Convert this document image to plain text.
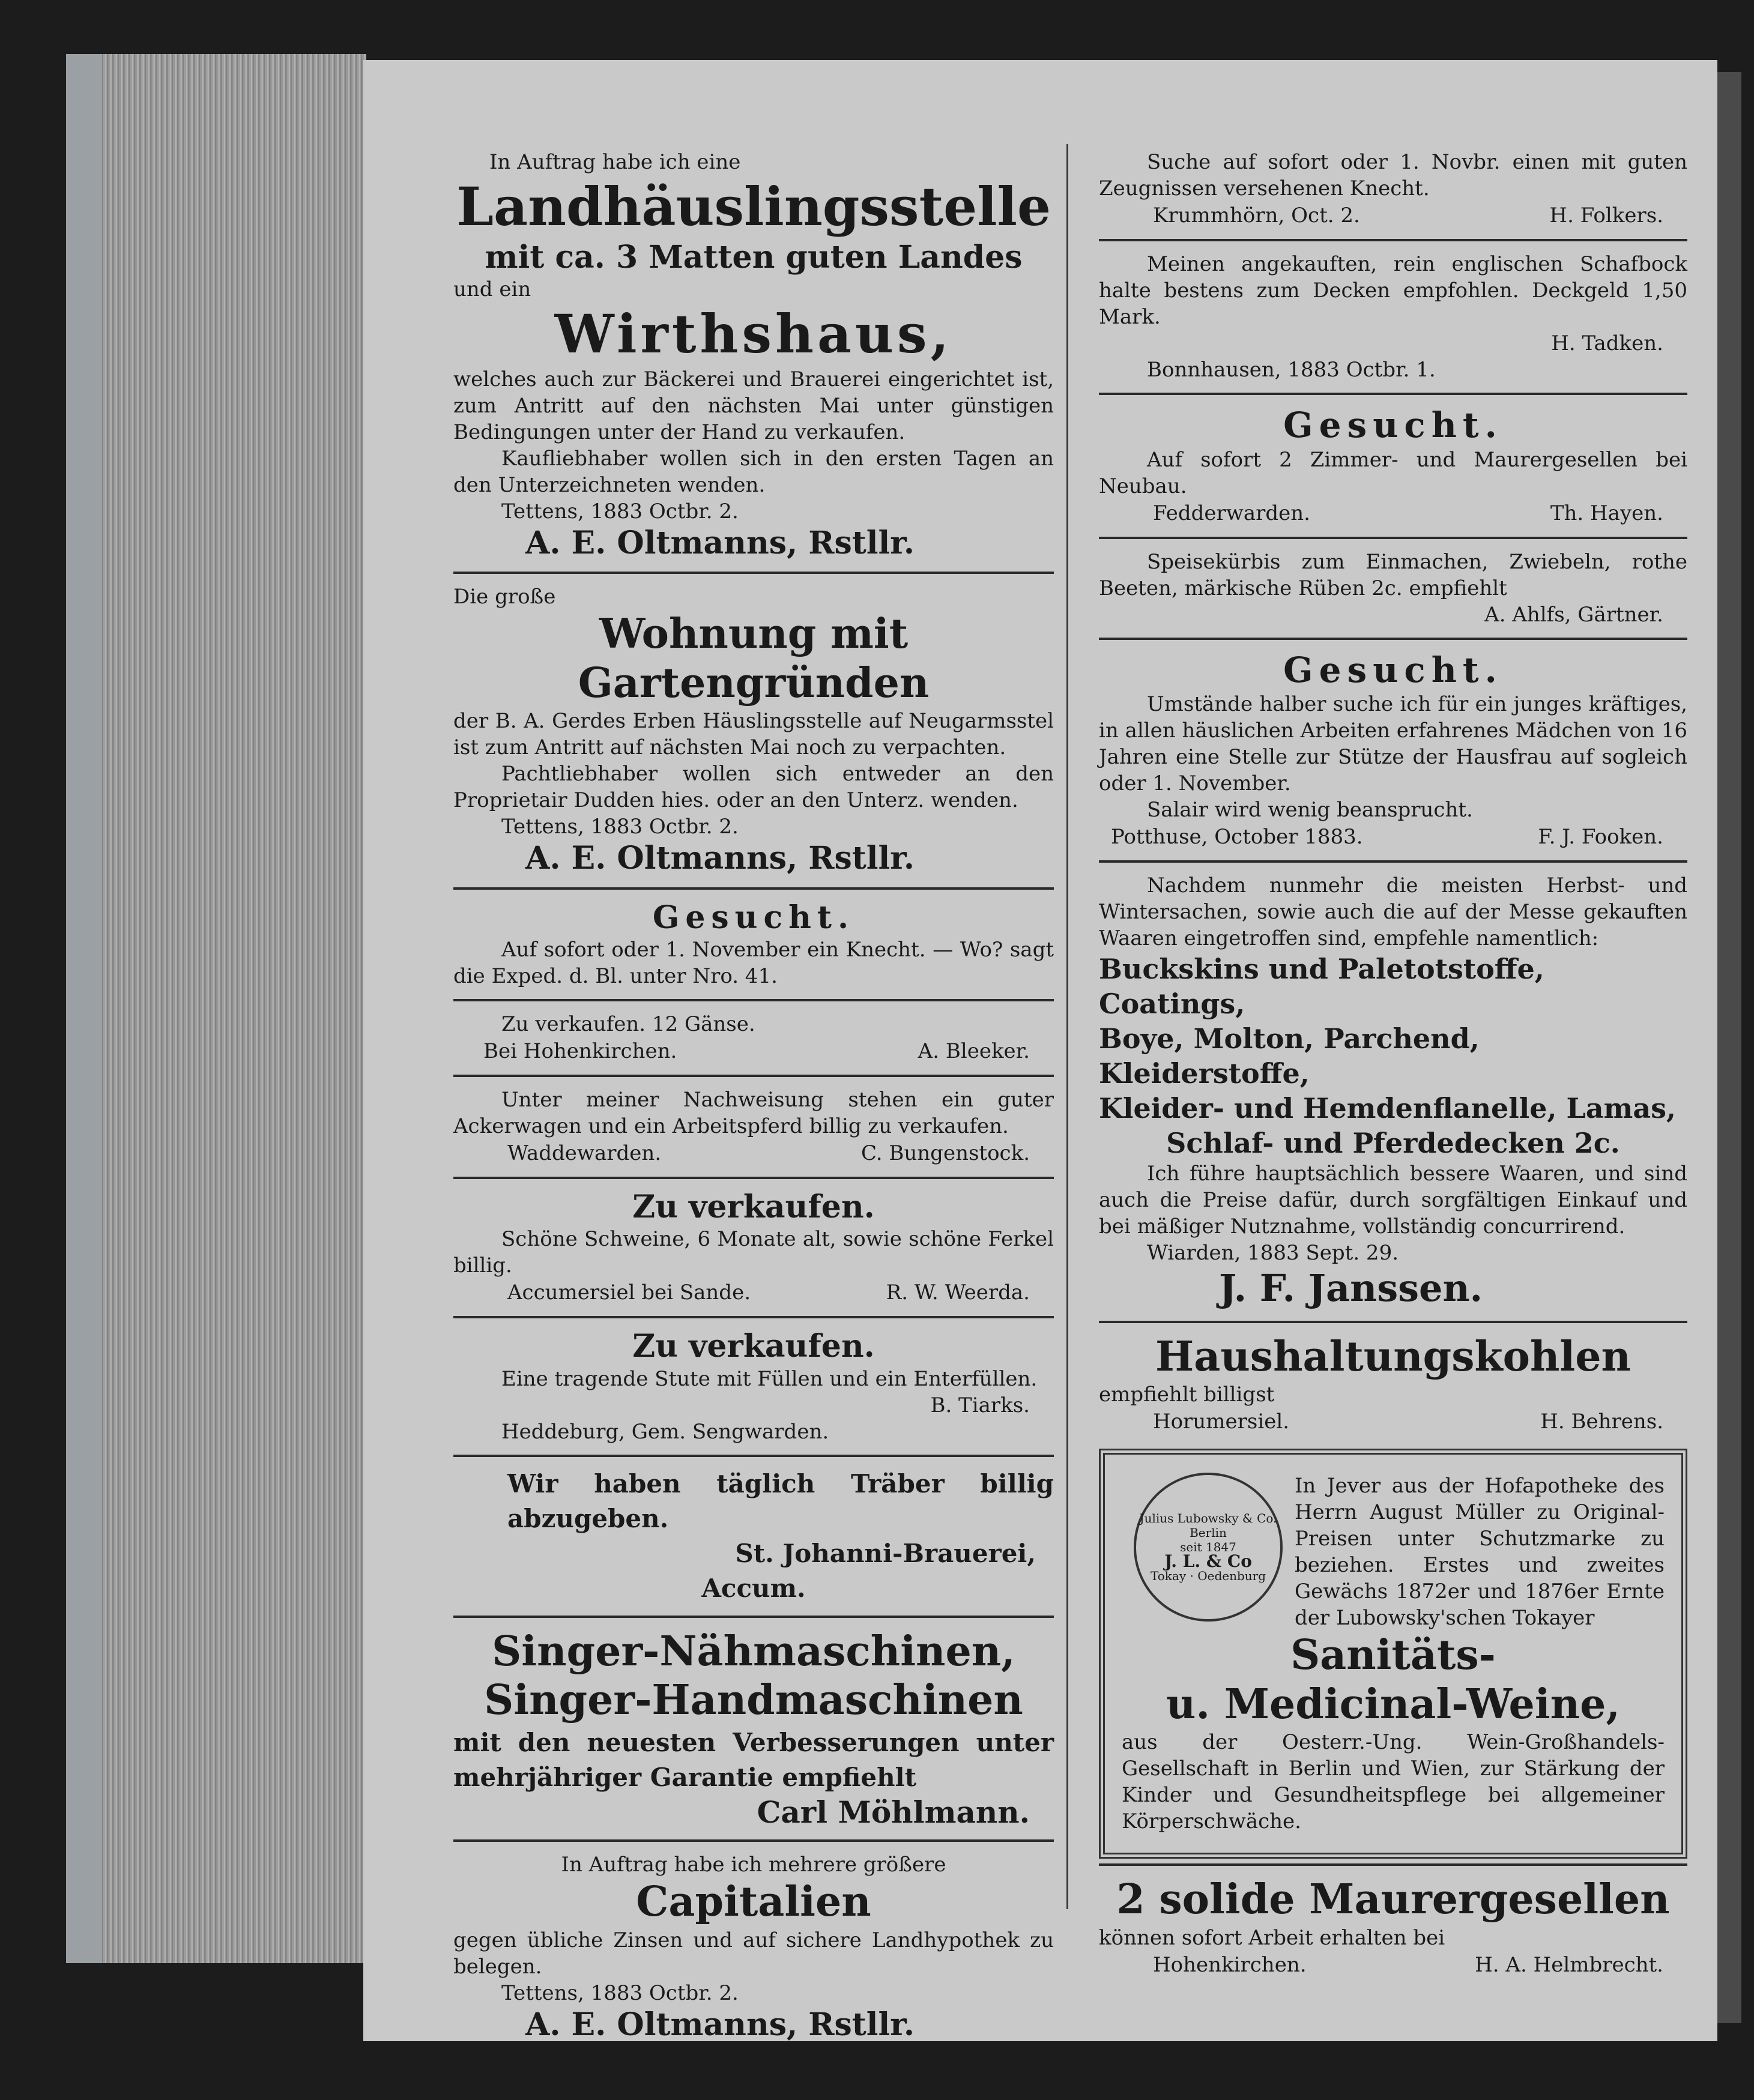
In Auftrag habe ich eine
Landhäuslingsstelle
mit ca. 3 Matten guten Landes
und ein
Wirthshaus,
welches auch zur Bäckerei und Brauerei eingerichtet ist, zum Antritt auf den nächsten Mai unter günstigen Bedingungen unter der Hand zu verkaufen.
Kaufliebhaber wollen sich in den ersten Tagen an den Unterzeichneten wenden.
Tettens, 1883 Octbr. 2.
A. E. Oltmanns, Rstllr.
Die große
Wohnung mit Gartengründen
der B. A. Gerdes Erben Häuslingsstelle auf Neugarmsstel ist zum Antritt auf nächsten Mai noch zu verpachten.
Pachtliebhaber wollen sich entweder an den Proprietair Dudden hies. oder an den Unterz. wenden.
Tettens, 1883 Octbr. 2.
A. E. Oltmanns, Rstllr.
Gesucht.
Auf sofort oder 1. November ein Knecht. — Wo? sagt die Exped. d. Bl. unter Nro. 41.
Zu verkaufen. 12 Gänse.
Bei Hohenkirchen.	A. Bleeker.
Unter meiner Nachweisung stehen ein guter Ackerwagen und ein Arbeitspferd billig zu verkaufen.
Waddewarden.	C. Bungenstock.
Zu verkaufen.
Schöne Schweine, 6 Monate alt, sowie schöne Ferkel billig.
Accumersiel bei Sande.	R. W. Weerda.
Zu verkaufen.
Eine tragende Stute mit Füllen und ein Enterfüllen.
B. Tiarks.
Heddeburg, Gem. Sengwarden.
Wir haben täglich Träber billig abzugeben.
St. Johanni-Brauerei,
Accum.
Singer-Nähmaschinen,
Singer-Handmaschinen
mit den neuesten Verbesserungen unter mehrjähriger Garantie empfiehlt
Carl Möhlmann.
In Auftrag habe ich mehrere größere
Capitalien
gegen übliche Zinsen und auf sichere Landhypothek zu belegen.
Tettens, 1883 Octbr. 2.
A. E. Oltmanns, Rstllr.
Suche auf sofort oder 1. Novbr. einen mit guten Zeugnissen versehenen Knecht.
Krummhörn, Oct. 2.	H. Folkers.
Meinen angekauften, rein englischen Schafbock halte bestens zum Decken empfohlen. Deckgeld 1,50 Mark.
H. Tadken.
Bonnhausen, 1883 Octbr. 1.
Gesucht.
Auf sofort 2 Zimmer- und Maurergesellen bei Neubau.
Fedderwarden.	Th. Hayen.
Speisekürbis zum Einmachen, Zwiebeln, rothe Beeten, märkische Rüben 2c. empfiehlt
A. Ahlfs, Gärtner.
Gesucht.
Umstände halber suche ich für ein junges kräftiges, in allen häuslichen Arbeiten erfahrenes Mädchen von 16 Jahren eine Stelle zur Stütze der Hausfrau auf sogleich oder 1. November.
Salair wird wenig beansprucht.
Potthuse, October 1883.	F. J. Fooken.
Nachdem nunmehr die meisten Herbst- und Wintersachen, sowie auch die auf der Messe gekauften Waaren eingetroffen sind, empfehle namentlich:
Buckskins und Paletotstoffe, Coatings,
Boye, Molton, Parchend, Kleiderstoffe,
Kleider- und Hemdenflanelle, Lamas,
Schlaf- und Pferdedecken 2c.
Ich führe hauptsächlich bessere Waaren, und sind auch die Preise dafür, durch sorgfältigen Einkauf und bei mäßiger Nutznahme, vollständig concurrirend.
Wiarden, 1883 Sept. 29.
J. F. Janssen.
Haushaltungskohlen
empfiehlt billigst
Horumersiel.	H. Behrens.
Julius Lubowsky & Co. Berlin
seit 1847
J. L. & Co
Tokay · Oedenburg
In Jever aus der Hofapotheke des Herrn August Müller zu Original-Preisen unter Schutzmarke zu beziehen. Erstes und zweites Gewächs 1872er und 1876er Ernte der Lubowsky'schen Tokayer
Sanitäts-
u. Medicinal-Weine,
aus der Oesterr.-Ung. Wein-Großhandels-Gesellschaft in Berlin und Wien, zur Stärkung der Kinder und Gesundheitspflege bei allgemeiner Körperschwäche.
2 solide Maurergesellen
können sofort Arbeit erhalten bei
Hohenkirchen.	H. A. Helmbrecht.
